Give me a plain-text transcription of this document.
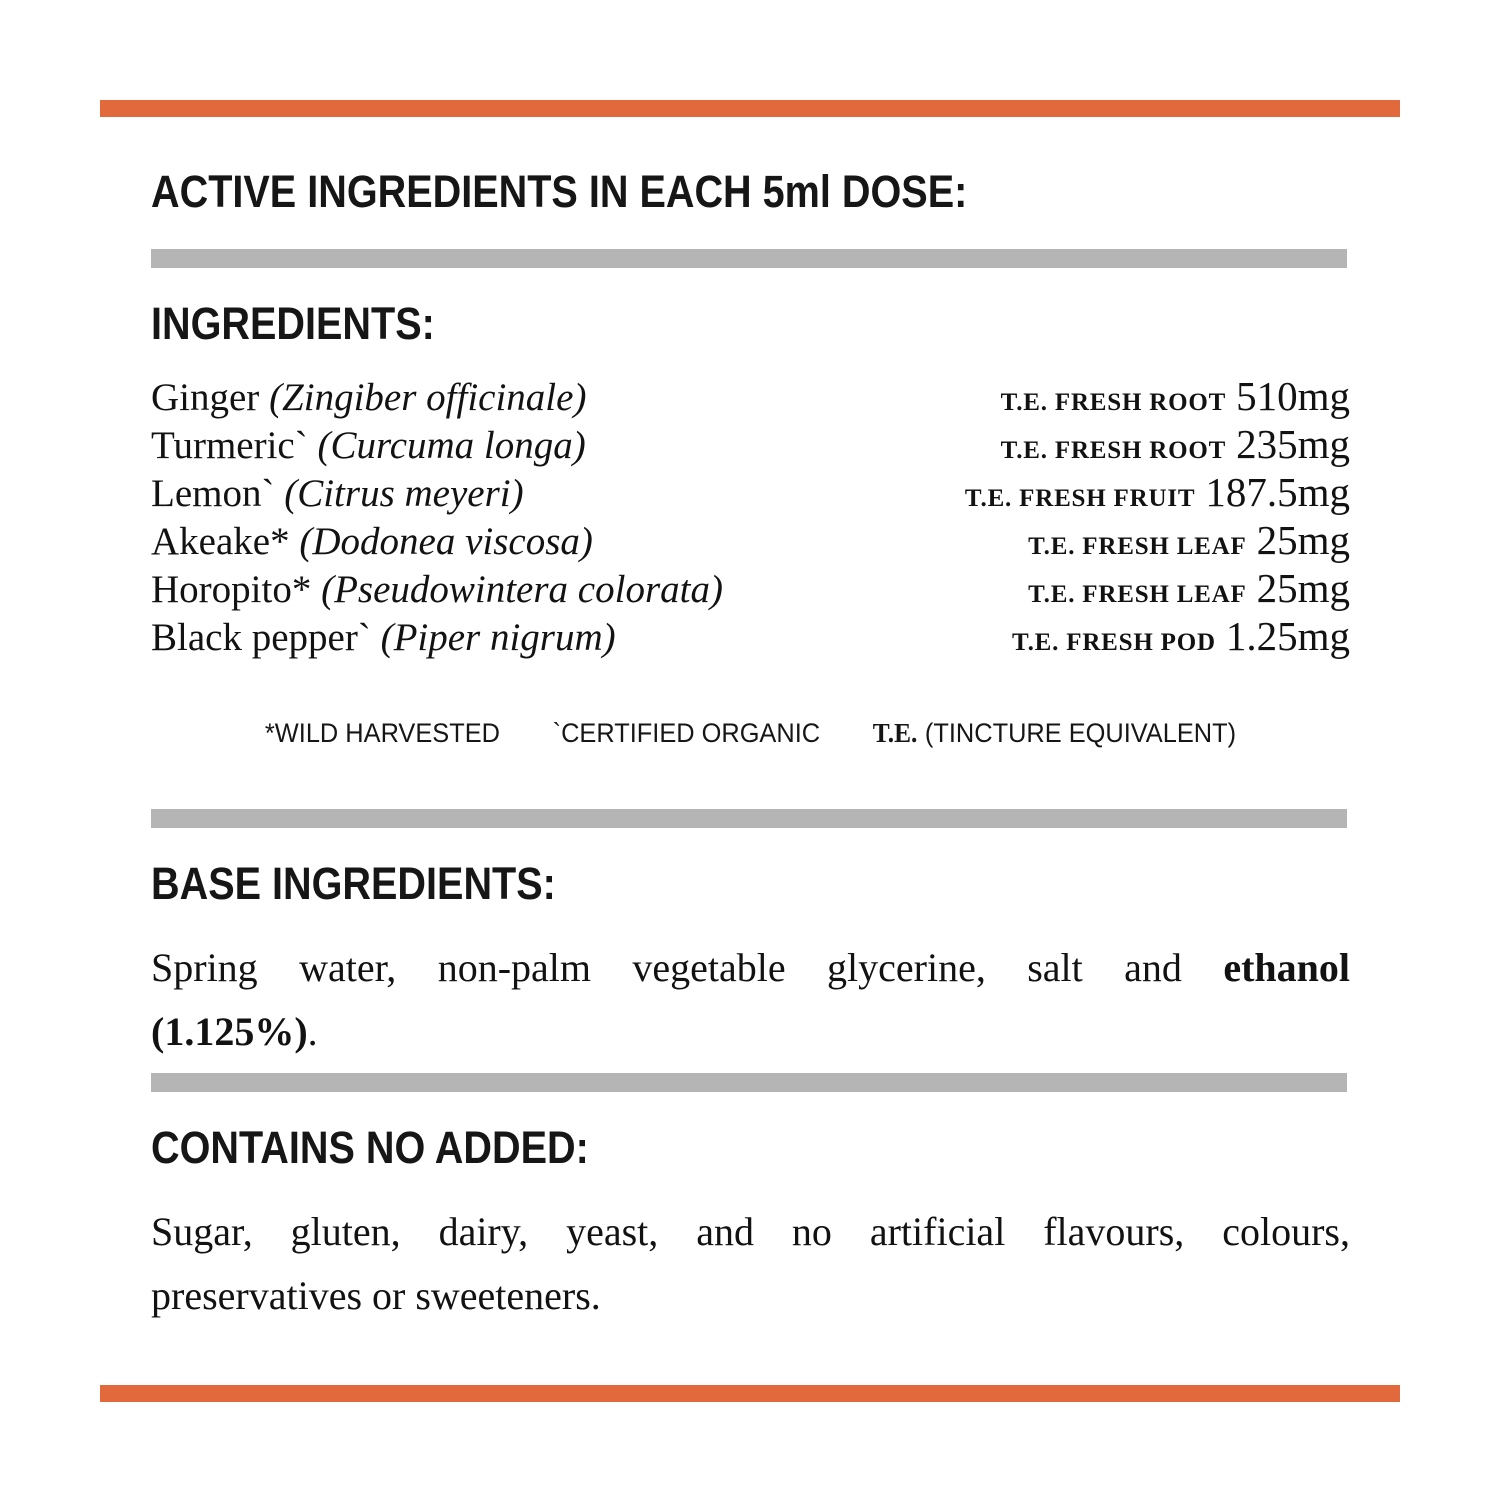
ACTIVE INGREDIENTS IN EACH 5ml DOSE:
INGREDIENTS:
Ginger (Zingiber officinale)	T.E. FRESH ROOT 510mg
Turmeric` (Curcuma longa)	T.E. FRESH ROOT 235mg
Lemon` (Citrus meyeri)	T.E. FRESH FRUIT 187.5mg
Akeake* (Dodonea viscosa)	T.E. FRESH LEAF 25mg
Horopito* (Pseudowintera colorata)	T.E. FRESH LEAF 25mg
Black pepper` (Piper nigrum)	T.E. FRESH POD 1.25mg
*WILD HARVESTED `CERTIFIED ORGANIC T.E. (TINCTURE EQUIVALENT)
BASE INGREDIENTS:

Spring water, non-palm vegetable glycerine, salt and ethanol
(1.125%).

CONTAINS NO ADDED:

Sugar, gluten, dairy, yeast, and no artificial flavours, colours,
preservatives or sweeteners.
